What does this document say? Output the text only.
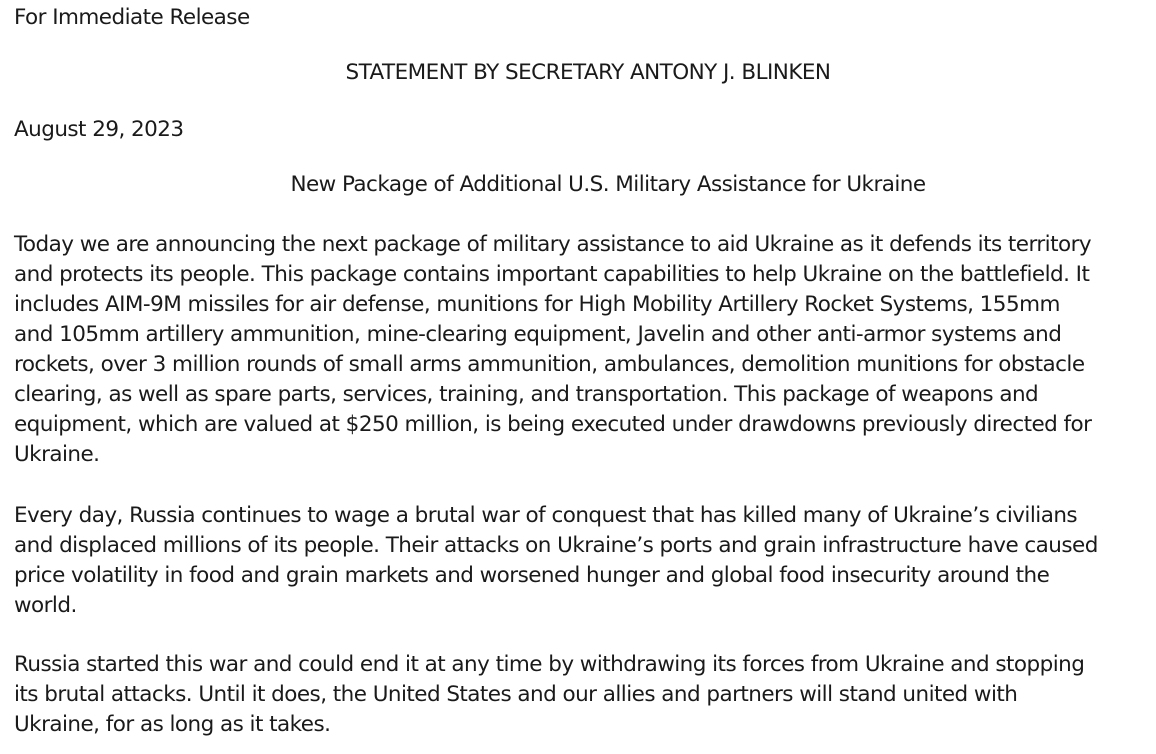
For Immediate Release

STATEMENT BY SECRETARY ANTONY J. BLINKEN

August 29, 2023

New Package of Additional U.S. Military Assistance for Ukraine

Today we are announcing the next package of military assistance to aid Ukraine as it defends its territory

and protects its people. This package contains important capabilities to help Ukraine on the battlefield. It

includes AIM-9M missiles for air defense, munitions for High Mobility Artillery Rocket Systems, 155mm

and 105mm artillery ammunition, mine-clearing equipment, Javelin and other anti-armor systems and

rockets, over 3 million rounds of small arms ammunition, ambulances, demolition munitions for obstacle

clearing, as well as spare parts, services, training, and transportation. This package of weapons and

equipment, which are valued at $250 million, is being executed under drawdowns previously directed for

Ukraine.

Every day, Russia continues to wage a brutal war of conquest that has killed many of Ukraine’s civilians

and displaced millions of its people. Their attacks on Ukraine’s ports and grain infrastructure have caused

price volatility in food and grain markets and worsened hunger and global food insecurity around the

world.

Russia started this war and could end it at any time by withdrawing its forces from Ukraine and stopping

its brutal attacks. Until it does, the United States and our allies and partners will stand united with

Ukraine, for as long as it takes.
